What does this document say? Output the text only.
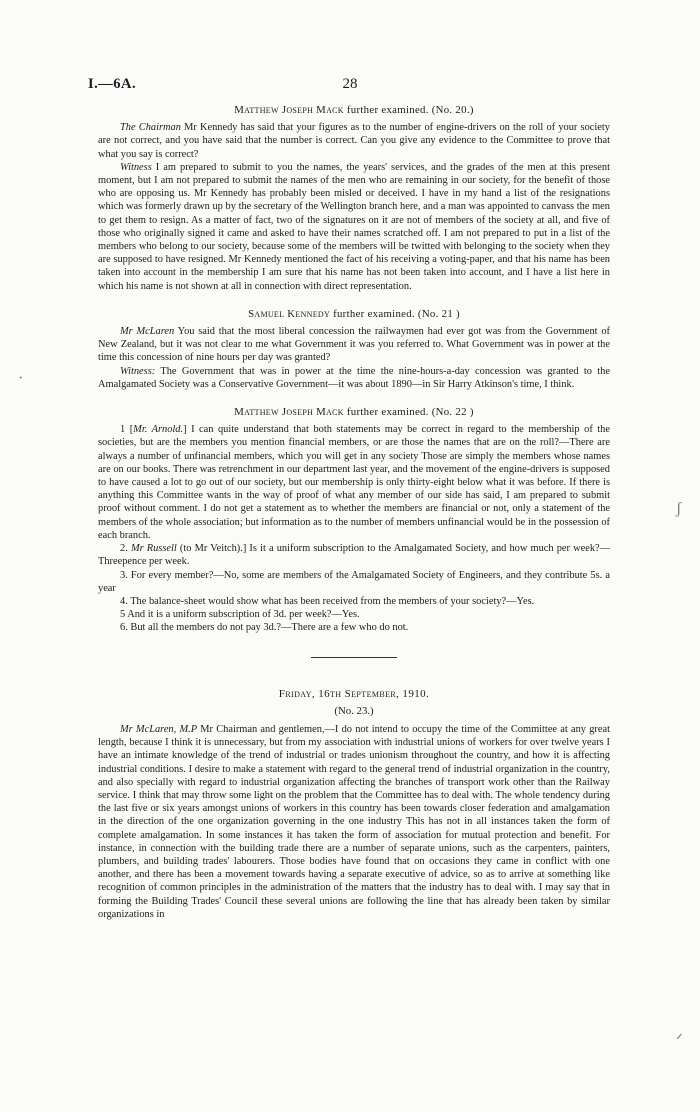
I.—6A.	28
·
ʃ
ᐟ
Matthew Joseph Mack further examined. (No. 20.)

The Chairman Mr Kennedy has said that your figures as to the number of engine-drivers on the roll of your society are not correct, and you have said that the number is correct. Can you give any evidence to the Committee to prove that what you say is correct?

Witness I am prepared to submit to you the names, the years' services, and the grades of the men at this present moment, but I am not prepared to submit the names of the men who are remaining in our society, for the benefit of those who are opposing us. Mr Kennedy has probably been misled or deceived. I have in my hand a list of the resignations which was formerly drawn up by the secretary of the Wellington branch here, and a man was appointed to canvass the men to get them to resign. As a matter of fact, two of the signatures on it are not of members of the society at all, and five of those who originally signed it came and asked to have their names scratched off. I am not prepared to put in a list of the members who belong to our society, because some of the members will be twitted with belonging to the society when they are supposed to have resigned. Mr Kennedy mentioned the fact of his receiving a voting-paper, and that his name has been taken into account in the membership I am sure that his name has not been taken into account, and I have a list here in which his name is not shown at all in connection with direct representation.

Samuel Kennedy further examined. (No. 21 )

Mr McLaren You said that the most liberal concession the railwaymen had ever got was from the Government of New Zealand, but it was not clear to me what Government it was you referred to. What Government was in power at the time this concession of nine hours per day was granted?

Witness: The Government that was in power at the time the nine-hours-a-day concession was granted to the Amalgamated Society was a Conservative Government—it was about 1890—in Sir Harry Atkinson's time, I think.

Matthew Joseph Mack further examined. (No. 22 )

1 [Mr. Arnold.] I can quite understand that both statements may be correct in regard to the membership of the societies, but are the members you mention financial members, or are those the names that are on the roll?—There are always a number of unfinancial members, which you will get in any society Those are simply the members whose names are on our books. There was retrenchment in our department last year, and the movement of the engine-drivers is supposed to have caused a lot to go out of our society, but our membership is only thirty-eight below what it was before. If there is anything this Committee wants in the way of proof of what any member of our side has said, I am prepared to submit proof without comment. I do not get a statement as to whether the members are financial or not, only a statement of the members of the whole association; but information as to the number of members unfinancial would be in the possession of each branch.

2. Mr Russell (to Mr Veitch).] Is it a uniform subscription to the Amalgamated Society, and how much per week?—Threepence per week.

3. For every member?—No, some are members of the Amalgamated Society of Engineers, and they contribute 5s. a year

4. The balance-sheet would show what has been received from the members of your society?—Yes.

5 And it is a uniform subscription of 3d. per week?—Yes.

6. But all the members do not pay 3d.?—There are a few who do not.

Friday, 16th September, 1910.
(No. 23.)

Mr McLaren, M.P Mr Chairman and gentlemen,—I do not intend to occupy the time of the Committee at any great length, because I think it is unnecessary, but from my association with industrial unions of workers for over twelve years I have an intimate knowledge of the trend of industrial or trades unionism throughout the country, and how it is affecting industrial conditions. I desire to make a statement with regard to the general trend of industrial organization in the country, and also specially with regard to industrial organization affecting the branches of transport work other than the Railway service. I think that may throw some light on the problem that the Committee has to deal with. The whole tendency during the last five or six years amongst unions of workers in this country has been towards closer federation and amalgamation in the direction of the one organization governing in the one industry This has not in all instances taken the form of complete amalgamation. In some instances it has taken the form of association for mutual protection and benefit. For instance, in connection with the building trade there are a number of separate unions, such as the carpenters, painters, plumbers, and building trades' labourers. Those bodies have found that on occasions they came in conflict with one another, and there has been a movement towards having a separate executive of advice, so as to arrive at something like recognition of common principles in the administration of the matters that the industry has to deal with. I may say that in forming the Building Trades' Council these several unions are following the line that has already been taken by similar organizations in
